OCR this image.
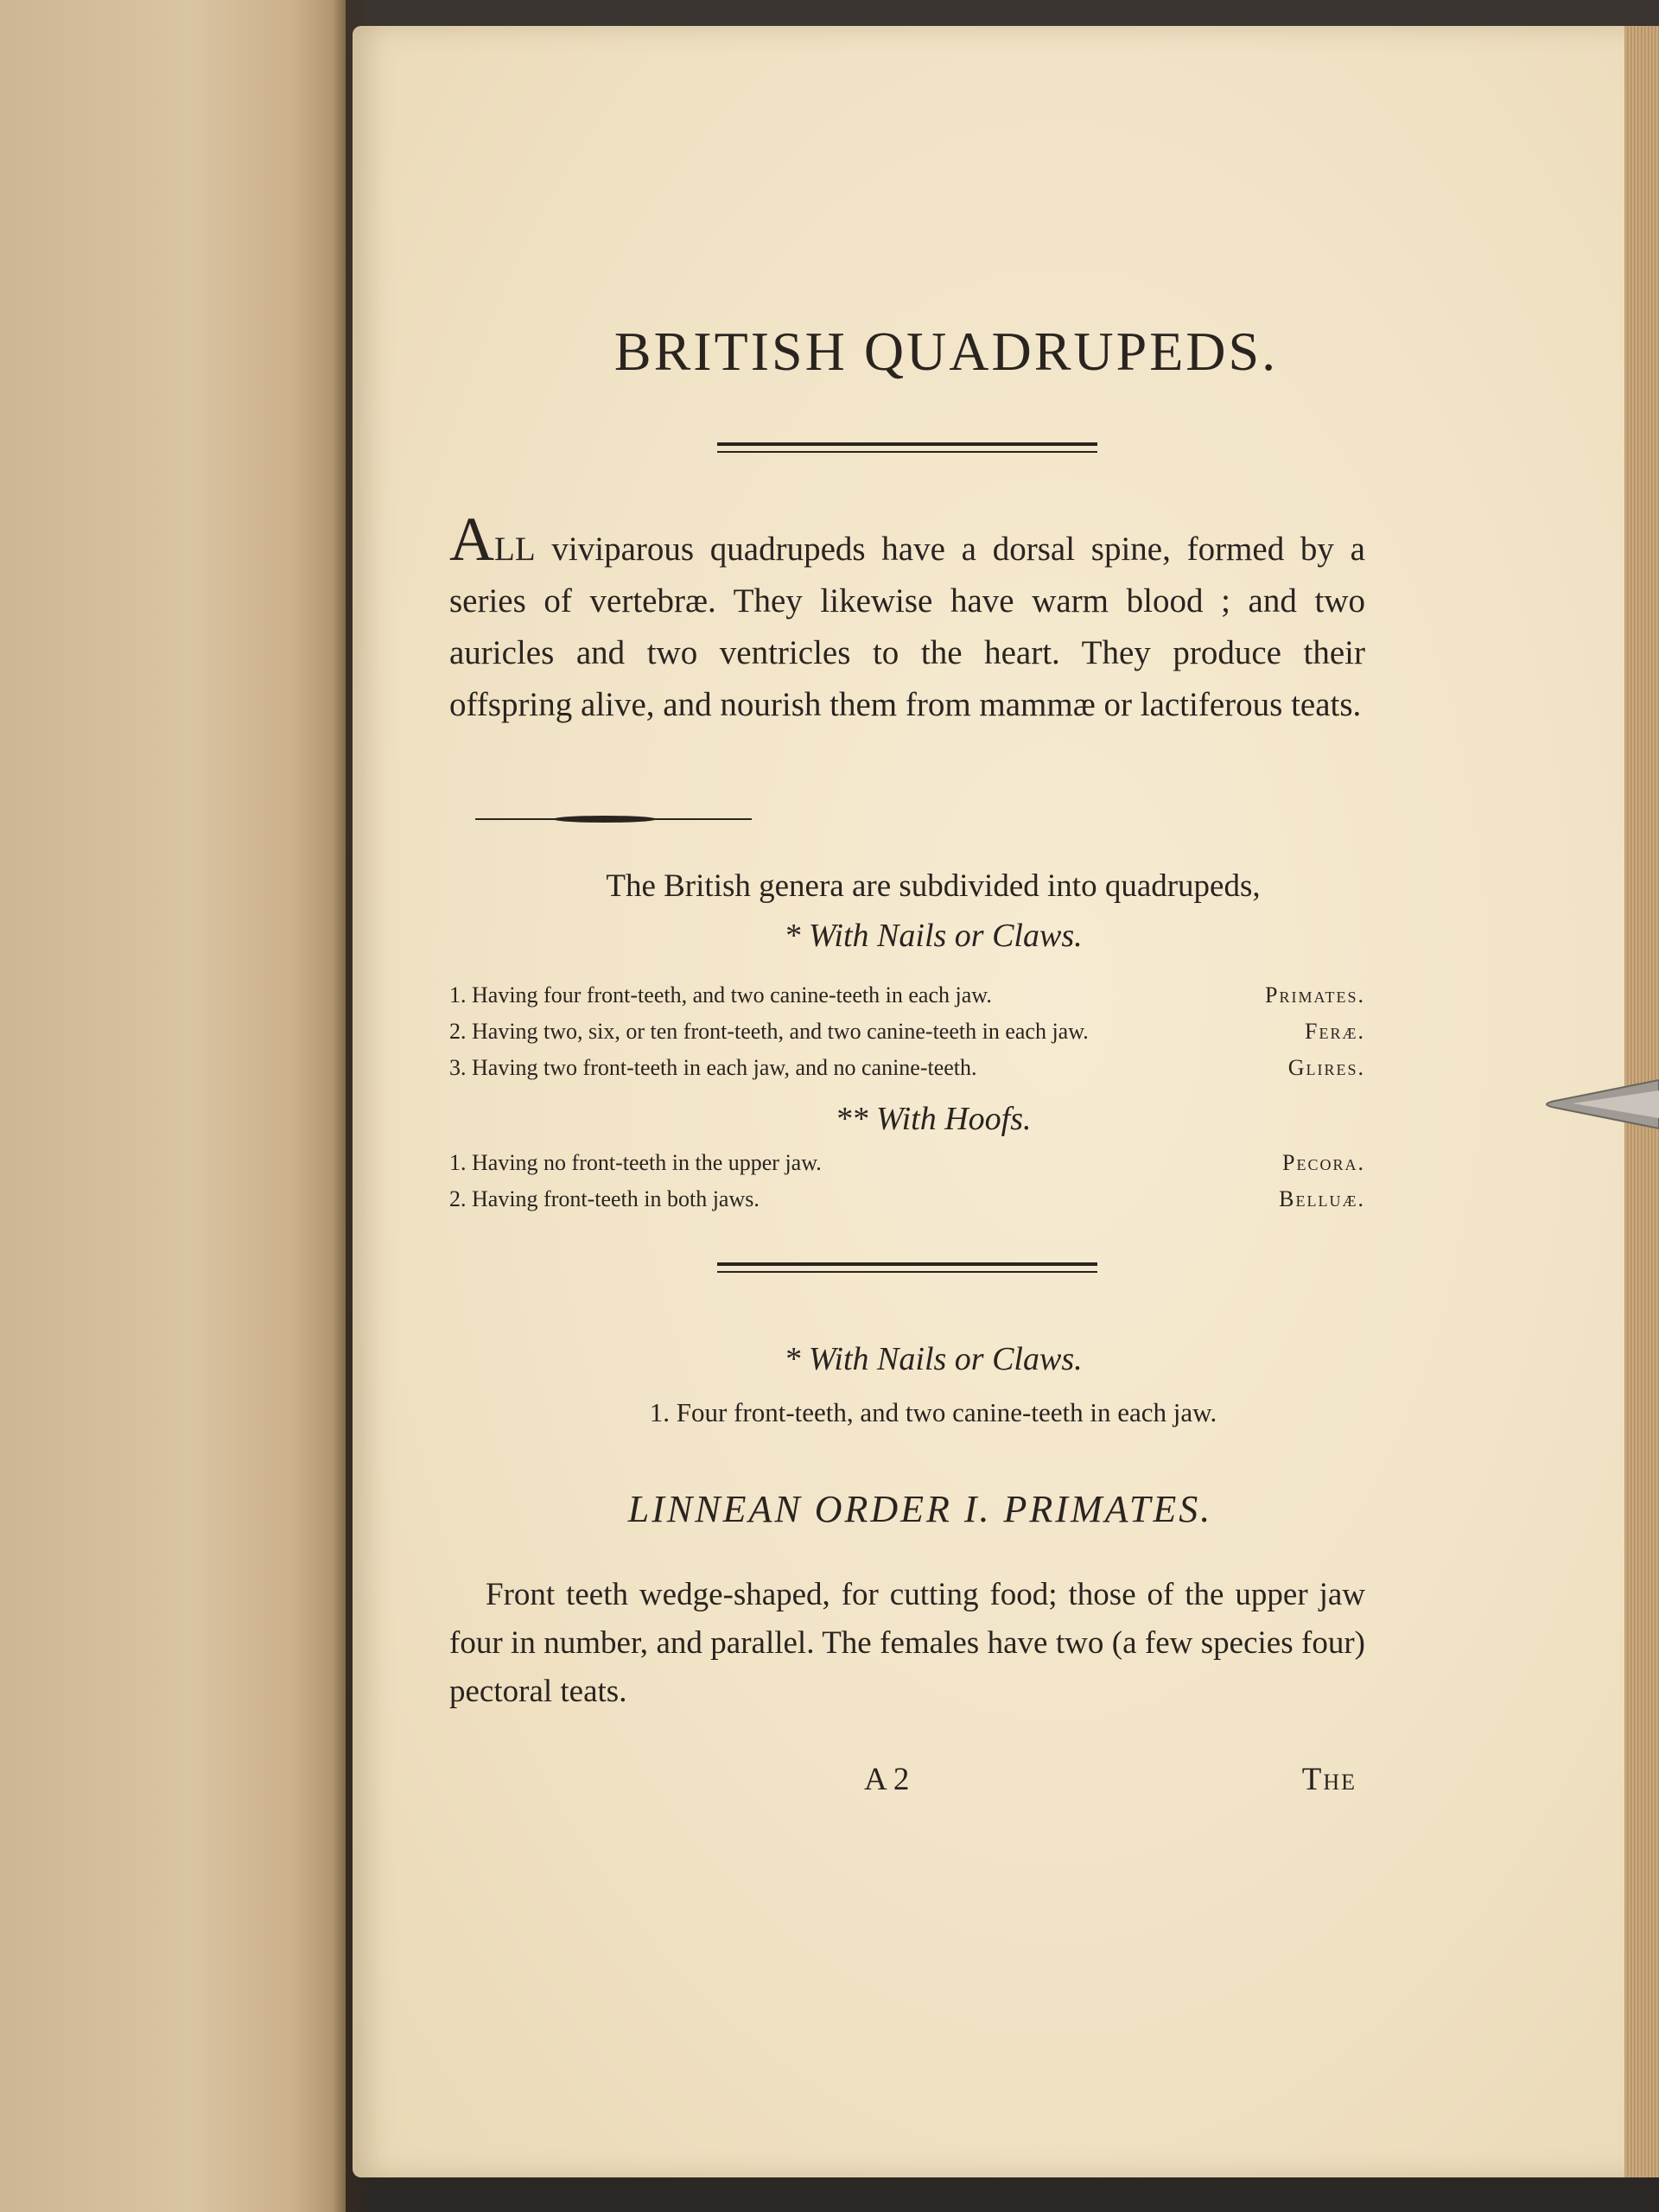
BRITISH QUADRUPEDS.

ALL viviparous quadrupeds have a dorsal spine, formed by a series of vertebræ. They likewise have warm blood ; and two auricles and two ventricles to the heart. They produce their offspring alive, and nourish them from mammæ or lactiferous teats.

The British genera are subdivided into quadrupeds,
* With Nails or Claws.
1. Having four front-teeth, and two canine-teeth in each jaw.	Primates.
2. Having two, six, or ten front-teeth, and two canine-teeth in each jaw.	Feræ.
3. Having two front-teeth in each jaw, and no canine-teeth.	Glires.
** With Hoofs.
1. Having no front-teeth in the upper jaw.	Pecora.
2. Having front-teeth in both jaws.	Belluæ.
* With Nails or Claws.
1. Four front-teeth, and two canine-teeth in each jaw.
LINNEAN ORDER I. PRIMATES.

Front teeth wedge-shaped, for cutting food; those of the upper jaw four in number, and parallel. The females have two (a few species four) pectoral teats.

A 2	The
